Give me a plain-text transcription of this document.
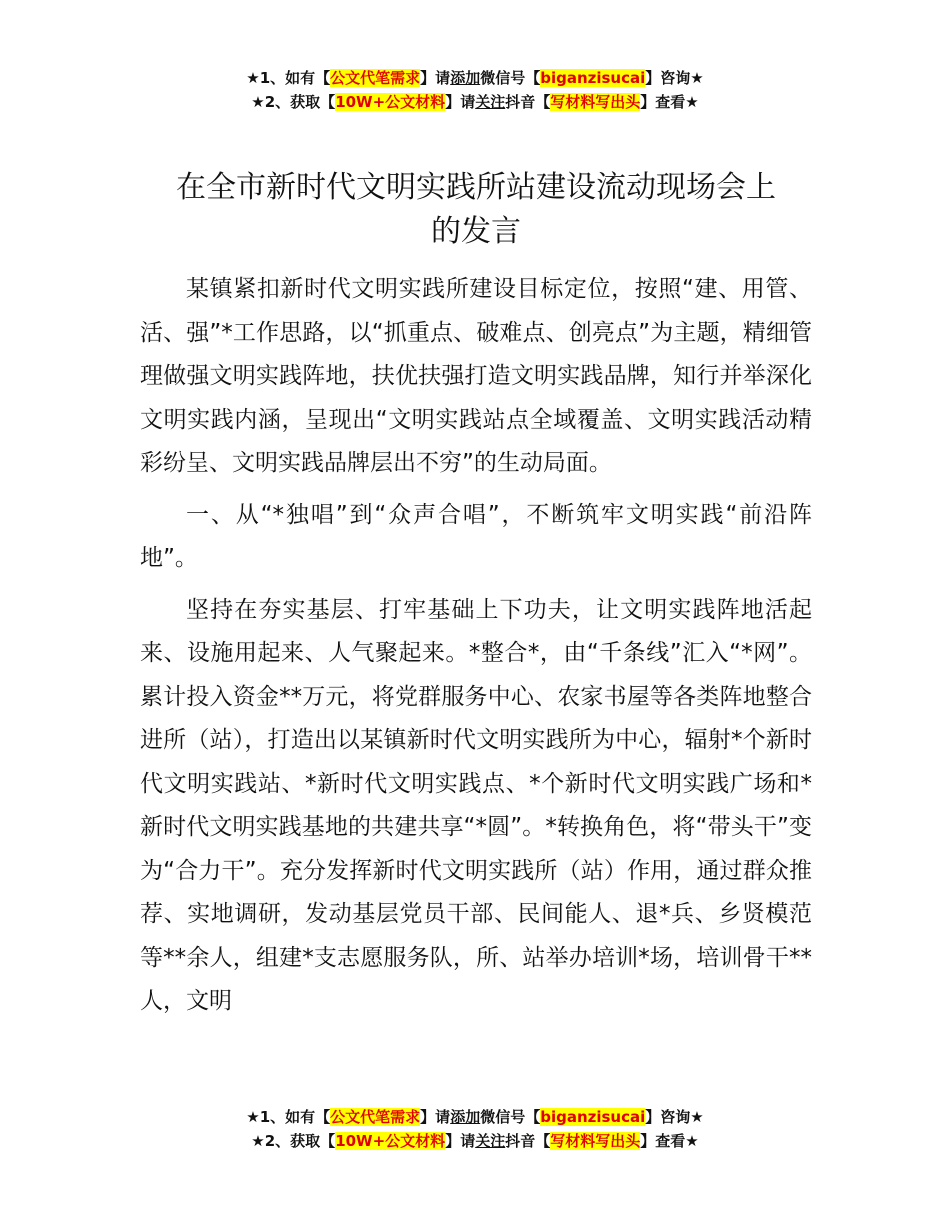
★1、如有【公文代笔需求】请添加微信号【biganzisucai】咨询★
★2、获取【10W+公文材料】请关注抖音【写材料写出头】查看★
在全市新时代文明实践所站建设流动现场会上
的发言

某镇紧扣新时代文明实践所建设目标定位，按照“建、用管、活、强”*工作思路，以“抓重点、破难点、创亮点”为主题，精细管理做强文明实践阵地，扶优扶强打造文明实践品牌，知行并举深化文明实践内涵，呈现出“文明实践站点全域覆盖、文明实践活动精彩纷呈、文明实践品牌层出不穷”的生动局面。

一、从“*独唱”到“众声合唱”，不断筑牢文明实践“前沿阵地”。

坚持在夯实基层、打牢基础上下功夫，让文明实践阵地活起来、设施用起来、人气聚起来。*整合*，由“千条线”汇入“*网”。累计投入资金**万元，将党群服务中心、农家书屋等各类阵地整合进所（站），打造出以某镇新时代文明实践所为中心，辐射*个新时代文明实践站、*新时代文明实践点、*个新时代文明实践广场和*新时代文明实践基地的共建共享“*圆”。*转换角色，将“带头干”变为“合力干”。充分发挥新时代文明实践所（站）作用，通过群众推荐、实地调研，发动基层党员干部、民间能人、退*兵、乡贤模范等**余人，组建*支志愿服务队，所、站举办培训*场，培训骨干**人，文明

★1、如有【公文代笔需求】请添加微信号【biganzisucai】咨询★
★2、获取【10W+公文材料】请关注抖音【写材料写出头】查看★
